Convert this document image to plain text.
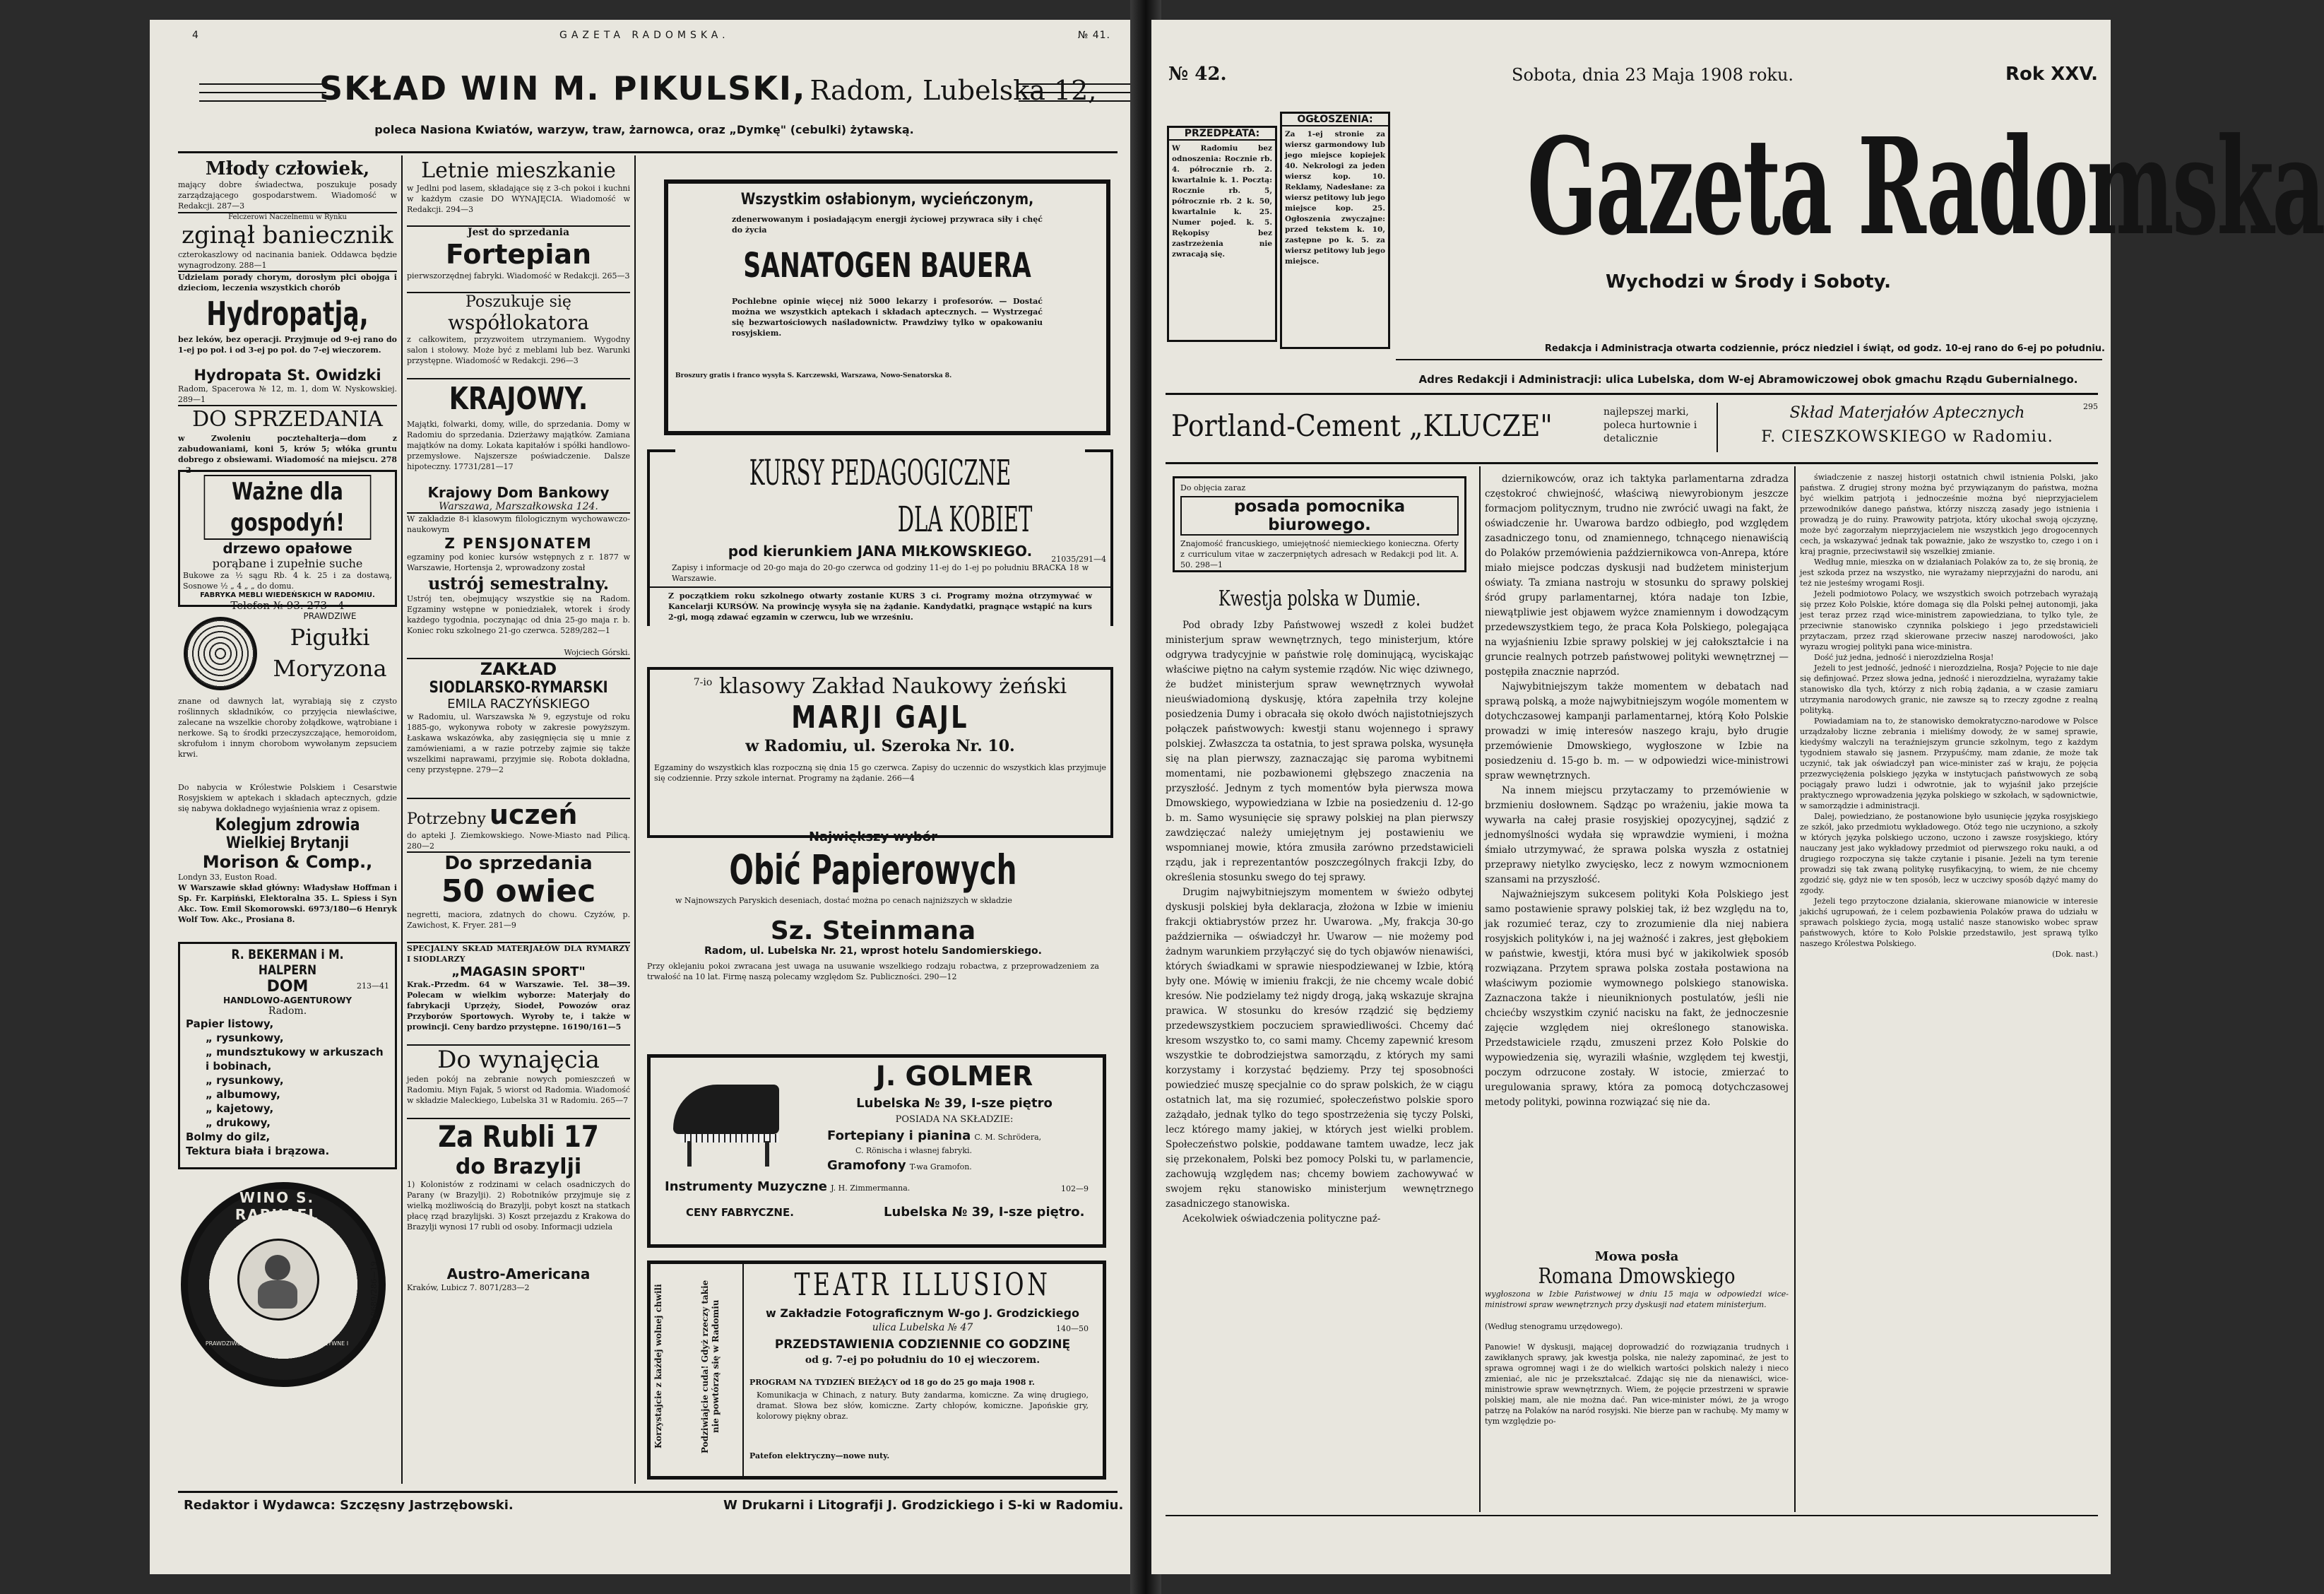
4	GAZETA RADOMSKA.	№ 41.
SKŁAD WIN M. PIKULSKI, Radom, Lubelska 12,
poleca Nasiona Kwiatów, warzyw, traw, żarnowca, oraz „Dymkę" (cebulki) żytawską.
Młody człowiek,
mający dobre świadectwa, poszukuje posady zarządzającego gospodarstwem. Wiadomość w Redakcji. 287—3
Felczerowi Naczelnemu w Rynku
zginął baniecznik
czterokaszlowy od nacinania baniek. Oddawca będzie wynagrodzony. 288—1
Udzielam porady chorym, dorosłym płci obojga i dzieciom, leczenia wszystkich chorób
Hydropatją,
bez leków, bez operacji. Przyjmuje od 9-ej rano do 1-ej po poł. i od 3-ej po poł. do 7-ej wieczorem.
Hydropata St. Owidzki
Radom, Spacerowa № 12, m. 1, dom W. Nyskowskiej. 289—1
DO SPRZEDANIA
w Zwoleniu pocztehalterja—dom z zabudowaniami, koni 5, krów 5; włóka gruntu dobrego z obsiewami. Wiadomość na miejscu. 278—2
Ważne dla gospodyń!
drzewo opałowe
porąbane i zupełnie suche
Bukowe za ½ sągu Rb. 4 k. 25 i za dostawą, Sosnowe ½ „ 4 „ „ do domu.
FABRYKA MEBLI WIEDEŃSKICH W RADOMIU.
Telefon № 93. 273—4
PRAWDZIWE
Pigułki
Moryzona
znane od dawnych lat, wyrabiają się z czysto roślinnych składników, co przyjęcia niewłaściwe, zalecane na wszelkie choroby żołądkowe, wątrobiane i nerkowe. Są to środki przeczyszczające, hemoroidom, skrofułom i innym chorobom wywołanym zepsuciem krwi.
Do nabycia w Królestwie Polskiem i Cesarstwie Rosyjskiem w aptekach i składach aptecznych, gdzie się nabywa dokładnego wyjaśnienia wraz z opisem.
Kolegjum zdrowia
Wielkiej Brytanji
Morison & Comp.,
Londyn 33, Euston Road.
W Warszawie skład główny: Władysław Hoffman i Sp. Fr. Karpiński, Elektoralna 35. L. Spiess i Syn Akc. Tow. Emil Skomorowski. 6973/180—6 Henryk Wolf Tow. Akc., Prosiana 8.
R. BEKERMAN i M. HALPERN
DOM
HANDLOWO-AGENTUROWY
Radom.
Papier listowy,
„ rysunkowy,
„ mundsztukowy w arkuszach i bobinach,
„ rysunkowy,
„ albumowy,
„ kajetowy,
„ drukowy,
Bolmy do gilz,
Tektura biała i brązowa.
213—41
WINO S. RAPHAEL
PRAWDZIWE · TYLKO Z TYM ANIOŁEM · POŻYWNE I WZMACNIAJĄCE
10689/286—19
Letnie mieszkanie
w Jedlni pod lasem, składające się z 3-ch pokoi i kuchni w każdym czasie DO WYNAJĘCIA. Wiadomość w Redakcji. 294—3
Jest do sprzedania
Fortepian
pierwszorzędnej fabryki. Wiadomość w Redakcji. 265—3
Poszukuje się
współlokatora
z całkowitem, przyzwoitem utrzymaniem. Wygodny salon i stołowy. Może być z meblami lub bez. Warunki przystępne. Wiadomość w Redakcji. 296—3
KRAJOWY.
Majątki, folwarki, domy, wille, do sprzedania. Domy w Radomiu do sprzedania. Dzierżawy majątków. Zamiana majątków na domy. Lokata kapitałów i spółki handlowo-przemysłowe. Najszersze poświadczenie. Dalsze hipoteczny. 17731/281—17
Krajowy Dom Bankowy
Warszawa, Marszałkowska 124.
W zakładzie 8-i klasowym filologicznym wychowawczo-naukowym
Z PENSJONATEM
egzaminy pod koniec kursów wstępnych z r. 1877 w Warszawie, Hortensja 2, wprowadzony został
ustrój semestralny.
Ustrój ten, obejmujący wszystkie się na Radom. Egzaminy wstępne w poniedziałek, wtorek i środy każdego tygodnia, poczynając od dnia 25-go maja r. b. Koniec roku szkolnego 21-go czerwca. 5289/282—1
Wojciech Górski.
ZAKŁAD
SIODLARSKO-RYMARSKI
EMILA RACZYŃSKIEGO
w Radomiu, ul. Warszawska № 9, egzystuje od roku 1885-go, wykonywa roboty w zakresie powyższym. Łaskawa wskazówka, aby zasięgnięcia się u mnie z zamówieniami, a w razie potrzeby zajmie się także wszelkimi naprawami, przyjmie się. Robota dokładna, ceny przystępne. 279—2
Potrzebny uczeń
do apteki J. Ziemkowskiego. Nowe-Miasto nad Pilicą. 280—2
Do sprzedania
50 owiec
negretti, maciora, zdatnych do chowu. Czyżów, p. Zawichost, K. Fryer. 281—9
SPECJALNY SKŁAD MATERJAŁÓW DLA RYMARZY I SIODLARZY
„MAGASIN SPORT"
Krak.-Przedm. 64 w Warszawie. Tel. 38—39. Polecam w wielkim wyborze: Materjały do fabrykacji Uprzęży, Siodeł, Powozów oraz Przyborów Sportowych. Wyroby te, i także w prowincji. Ceny bardzo przystępne. 16190/161—5
Do wynajęcia
jeden pokój na zebranie nowych pomieszczeń w Radomiu. Miyn Fajak, 5 wiorst od Radomia. Wiadomość w składzie Maleckiego, Lubelska 31 w Radomiu. 265—7
Za Rubli 17
do Brazylji
1) Kolonistów z rodzinami w celach osadniczych do Parany (w Brazylji). 2) Robotników przyjmuje się z wielką możliwością do Brazylji, pobyt koszt na statkach płacę rząd brazylijski. 3) Koszt przejazdu z Krakowa do Brazylji wynosi 17 rubli od osoby. Informacji udziela
Austro-Americana
Kraków, Lubicz 7. 8071/283—2
Wszystkim osłabionym, wycieńczonym,
zdenerwowanym i posiadającym energji życiowej przywraca siły i chęć do życia
SANATOGEN BAUERA
Pochlebne opinie więcej niż 5000 lekarzy i profesorów. — Dostać można we wszystkich aptekach i składach aptecznych. — Wystrzegać się bezwartościowych naśladownictw. Prawdziwy tylko w opakowaniu rosyjskiem.
Broszury gratis i franco wysyła S. Karczewski, Warszawa, Nowo-Senatorska 8.
KURSY PEDAGOGICZNE
DLA KOBIET
pod kierunkiem JANA MIŁKOWSKIEGO.	21035/291—4
Zapisy i informacje od 20-go maja do 20-go czerwca od godziny 11-ej do 1-ej po południu BRACKA 18 w Warszawie.
Z początkiem roku szkolnego otwarty zostanie KURS 3 ci. Programy można otrzymywać w Kancelarji KURSÓW. Na prowincję wysyła się na żądanie. Kandydatki, pragnące wstąpić na kurs 2-gi, mogą zdawać egzamin w czerwcu, lub we wrześniu.
$^{7-io}$ klasowy Zakład Naukowy żeński
MARJI GAJL
w Radomiu, ul. Szeroka Nr. 10.
Egzaminy do wszystkich klas rozpoczną się dnia 15 go czerwca. Zapisy do uczennic do wszystkich klas przyjmuje się codziennie. Przy szkole internat. Programy na żądanie. 266—4
Największy wybór
Obić Papierowych
w Najnowszych Paryskich deseniach, dostać można po cenach najniższych w składzie
Sz. Steinmana
Radom, ul. Lubelska Nr. 21, wprost hotelu Sandomierskiego.
Przy oklejaniu pokoi zwracana jest uwaga na usuwanie wszelkiego rodzaju robactwa, z przeprowadzeniem za trwałość na 10 lat. Firmę naszą polecamy względom Sz. Publiczności. 290—12
J. GOLMER
Lubelska № 39, I-sze piętro
POSIADA NA SKŁADZIE:
Fortepiany i pianina C. M. Schrödera,
C. Rönischa i własnej fabryki.
Gramofony T-wa Gramofon.
Instrumenty Muzyczne J. H. Zimmermanna.	102—9
CENY FABRYCZNE.	Lubelska № 39, I-sze piętro.
Korzystajcie z każdej wolnej chwili	Podziwiajcie cuda! Gdyż rzeczy takie nie powtórzą się w Radomiu
TEATR ILLUSION
w Zakładzie Fotograficznym W-go J. Grodzickiego
ulica Lubelska № 47	140—50
PRZEDSTAWIENIA CODZIENNIE CO GODZINĘ
od g. 7-ej po południu do 10 ej wieczorem.
PROGRAM NA TYDZIEŃ BIEŻĄCY od 18 go do 25 go maja 1908 r.
Komunikacja w Chinach, z natury. Buty żandarma, komiczne. Za winę drugiego, dramat. Słowa bez słów, komiczne. Zarty chłopów, komiczne. Japońskie gry, kolorowy piękny obraz.
Patefon elektryczny—nowe nuty.
Redaktor i Wydawca: Szczęsny Jastrzębowski.	W Drukarni i Litografji J. Grodzickiego i S-ki w Radomiu.
№ 42.	Sobota, dnia 23 Maja 1908 roku.	Rok XXV.
PRZEDPŁATA:
W Radomiu bez odnoszenia: Rocznie rb. 4. półrocznie rb. 2. kwartalnie k. 1. Pocztą: Rocznie rb. 5, półrocznie rb. 2 k. 50, kwartalnie k. 25. Numer pojed. k. 5. Rękopisy bez zastrzeżenia nie zwracają się.
OGŁOSZENIA:
Za 1-ej stronie za wiersz garmondowy lub jego miejsce kopiejek 40. Nekrologi za jeden wiersz kop. 10. Reklamy, Nadesłane: za wiersz petitowy lub jego miejsce kop. 25. Ogłoszenia zwyczajne: przed tekstem k. 10, zastępne po k. 5. za wiersz petitowy lub jego miejsce.	Gazeta Radomska
Wychodzi w Środy i Soboty.
Redakcja i Administracja otwarta codziennie, prócz niedziel i świąt, od godz. 10-ej rano do 6-ej po południu.
Adres Redakcji i Administracji: ulica Lubelska, dom W-ej Abramowiczowej obok gmachu Rządu Gubernialnego.
Portland-Cement „KLUCZE"	najlepszej marki, poleca hurtownie i detalicznie
Skład Materjałów Aptecznych
F. CIESZKOWSKIEGO w Radomiu.
295
Do objęcia zaraz
posada pomocnika biurowego.
Znajomość francuskiego, umiejętność niemieckiego konieczna. Oferty z curriculum vitae w zaczerpniętych adresach w Redakcji pod lit. A. 50. 298—1
Kwestja polska w Dumie.

Pod obrady Izby Państwowej wszedł z kolei budżet ministerjum spraw wewnętrznych, tego ministerjum, które odgrywa tradycyjnie w państwie rolę dominującą, wyciskając właściwe piętno na całym systemie rządów. Nic więc dziwnego, że budżet ministerjum spraw wewnętrznych wywołał nieuświadomioną dyskusję, która zapełniła trzy kolejne posiedzenia Dumy i obracała się około dwóch najistotniejszych połączek państwowych: kwestji stanu wojennego i sprawy polskiej. Zwłaszcza ta ostatnia, to jest sprawa polska, wysunęła się na plan pierwszy, zaznaczając się paroma wybitnemi momentami, nie pozbawionemi głębszego znaczenia na przyszłość. Jednym z tych momentów była pierwsza mowa Dmowskiego, wypowiedziana w Izbie na posiedzeniu d. 12-go b. m. Samo wysunięcie się sprawy polskiej na plan pierwszy zawdzięczać należy umiejętnym jej postawieniu we wspomnianej mowie, która zmusiła zarówno przedstawicieli rządu, jak i reprezentantów poszczególnych frakcji Izby, do określenia stosunku swego do tej sprawy.

Drugim najwybitniejszym momentem w świeżo odbytej dyskusji polskiej była deklaracja, złożona w Izbie w imieniu frakcji oktiabrystów przez hr. Uwarowa. „My, frakcja 30-go października — oświadczył hr. Uwarow — nie możemy pod żadnym warunkiem przyłączyć się do tych objawów nienawiści, których świadkami w sprawie niespodziewanej w Izbie, którą były one. Mówię w imieniu frakcji, że nie chcemy wcale dobić kresów. Nie podzielamy też nigdy drogą, jaką wskazuje skrajna prawica. W stosunku do kresów rządzić się będziemy przedewszystkiem poczuciem sprawiedliwości. Chcemy dać kresom wszystko to, co sami mamy. Chcemy zapewnić kresom wszystkie te dobrodziejstwa samorządu, z których my sami korzystamy i korzystać będziemy. Przy tej sposobności powiedzieć muszę specjalnie co do spraw polskich, że w ciągu ostatnich lat, ma się rozumieć, społeczeństwo polskie sporo zażądało, jednak tylko do tego spostrzeżenia się tyczy Polski, lecz którego mamy jakiej, w których jest wielki problem. Społeczeństwo polskie, poddawane tamtem uwadze, lecz jak się przekonałem, Polski bez pomocy Polski tu, w parlamencie, zachowują względem nas; chcemy bowiem zachowywać w swojem ręku stanowisko ministerjum wewnętrznego zasadniczego stanowiska.

Acekolwiek oświadczenia polityczne paź-

dziernikowców, oraz ich taktyka parlamentarna zdradza częstokroć chwiejność, właściwą niewyrobionym jeszcze formacjom politycznym, trudno nie zwrócić uwagi na fakt, że oświadczenie hr. Uwarowa bardzo odbiegło, pod względem zasadniczego tonu, od znamiennego, tchnącego nienawiścią do Polaków przemówienia październikowca von-Anrepa, które miało miejsce podczas dyskusji nad budżetem ministerjum oświaty. Ta zmiana nastroju w stosunku do sprawy polskiej śród grupy parlamentarnej, która nadaje ton Izbie, niewątpliwie jest objawem wyżce znamiennym i dowodzącym przedewszystkiem tego, że praca Koła Polskiego, polegająca na wyjaśnieniu Izbie sprawy polskiej w jej całokształcie i na gruncie realnych potrzeb państwowej polityki wewnętrznej — postępiła znacznie naprzód.

Najwybitniejszym także momentem w debatach nad sprawą polską, a może najwybitniejszym wogóle momentem w dotychczasowej kampanji parlamentarnej, którą Koło Polskie prowadzi w imię interesów naszego kraju, było drugie przemówienie Dmowskiego, wygłoszone w Izbie na posiedzeniu d. 15-go b. m. — w odpowiedzi wice-ministrowi spraw wewnętrznych.

Na innem miejscu przytaczamy to przemówienie w brzmieniu dosłownem. Sądząc po wrażeniu, jakie mowa ta wywarła na całej prasie rosyjskiej opozycyjnej, sądzić z jednomyślności wydała się wprawdzie wymieni, i można śmiało utrzymywać, że sprawa polska wyszła z ostatniej przeprawy nietylko zwycięsko, lecz z nowym wzmocnionem szansami na przyszłość.

Najważniejszym sukcesem polityki Koła Polskiego jest samo postawienie sprawy polskiej tak, iż bez względu na to, jak rozumieć teraz, czy to zrozumienie dla niej nabiera rosyjskich polityków i, na jej ważność i zakres, jest głębokiem w państwie, kwestji, która musi być w jakikolwiek sposób rozwiązana. Przytem sprawa polska została postawiona na właściwym poziomie wymownego polskiego stanowiska. Zaznaczona także i nieuniknionych postulatów, jeśli nie chciećby wszystkim czynić nacisku na fakt, że jednoczesnie zajęcie względem niej określonego stanowiska. Przedstawiciele rządu, zmuszeni przez Koło Polskie do wypowiedzenia się, wyrazili właśnie, względem tej kwestji, poczym odrzucone zostały. W istocie, zmierzać to uregulowania sprawy, która za pomocą dotychczasowej metody polityki, powinna rozwiązać się nie da.

Mowa posła
Romana Dmowskiego
wygłoszona w Izbie Państwowej w dniu 15 maja w odpowiedzi wice-ministrowi spraw wewnętrznych przy dyskusji nad etatem ministerjum.
(Według stenogramu urzędowego).
Panowie! W dyskusji, mającej doprowadzić do rozwiązania trudnych i zawikłanych sprawy, jak kwestja polska, nie należy zapominać, że jest to sprawa ogromnej wagi i że do wielkich wartości polskich należy i nieco zmieniać, ale nic je przekształcać. Zdając się nie da nienawiści, wice-ministrowie spraw wewnętrznych. Wiem, że pojęcie przestrzeni w sprawie polskiej mam, ale nie można dać. Pan wice-minister mówi, że ja wrogo patrzę na Polaków na naród rosyjski. Nie bierze pan w rachubę. My mamy w tym względzie po-
świadczenie z naszej historji ostatnich chwil istnienia Polski, jako państwa. Z drugiej strony można być przywiązanym do państwa, można być wielkim patrjotą i jednocześnie można być nieprzyjacielem przewodników danego państwa, którzy niszczą zasady jego istnienia i prowadzą je do ruiny. Prawowity patrjota, który ukochał swoją ojczyznę, może być zagorzałym nieprzyjacielem nie wszystkich jego drogocennych cech, ja wskazywać jednak tak poważnie, jako że wszystko to, czego i on i kraj pragnie, przeciwstawił się wszelkiej zmianie.
Według mnie, mieszka on w działaniach Polaków za to, że się bronią, że jest szkoda przez na wszystko, nie wyrażamy nieprzyjaźni do narodu, ani też nie jesteśmy wrogami Rosji.
Jeżeli podmiotowo Polacy, we wszystkich swoich potrzebach wyrażają się przez Koło Polskie, które domaga się dla Polski pełnej autonomji, jaka jest teraz przez rząd wice-ministrem zapowiedziana, to tylko tyle, że przeciwnie stanowisko czynnika polskiego i jego przedstawicieli przytaczam, przez rząd skierowane przeciw naszej narodowości, jako wyrazu wrogiej polityki pana wice-ministra.
Dość już jedna, jedność i nierozdzielna Rosja!
Jeżeli to jest jedność, jedność i nierozdzielna, Rosja? Pojęcie to nie daje się definjować. Przez słowa jedna, jedność i nierozdzielna, wyrażamy takie stanowisko dla tych, którzy z nich robią żądania, a w czasie zamiaru utrzymania narodowych granic, nie zawsze są to rzeczy zgodne z realną polityką.
Powiadamiam na to, że stanowisko demokratyczno-narodowe w Polsce urządzałoby liczne zebrania i mieliśmy dowody, że w samej sprawie, kiedyśmy walczyli na teraźniejszym gruncie szkolnym, tego z każdym tygodniem stawało się jasnem. Przypuśćmy, mam zdanie, że może tak uczynić, tak jak oświadczył pan wice-minister zaś w kraju, że pojęcia przezwyciężenia polskiego języka w instytucjach państwowych ze sobą pociągały prawo ludzi i odwrotnie, jak to wyjaśnił jako przejście praktycznego wprowadzenia języka polskiego w szkołach, w sądownictwie, w samorządzie i administracji.
Dalej, powiedziano, że postanowione było usunięcie języka rosyjskiego ze szkół, jako przedmiotu wykładowego. Otóż tego nie uczyniono, a szkoły w których języka polskiego uczono, uczono i zawsze rosyjskiego, który nauczany jest jako wykładowy przedmiot od pierwszego roku nauki, a od drugiego rozpoczyna się także czytanie i pisanie. Jeżeli na tym terenie prowadzi się tak zwaną politykę rusyfikacyjną, to wiem, że nie chcemy zgodzić się, gdyż nie w ten sposób, lecz w uczciwy sposób dążyć mamy do zgody.
Jeżeli tego przytoczone działania, skierowane mianowicie w interesie jakichś ugrupowań, że i celem pozbawienia Polaków prawa do udziału w sprawach polskiego życia, mogą ustalić nasze stanowisko wobec spraw państwowych, które to Koło Polskie przedstawiło, jest sprawą tylko naszego Królestwa Polskiego.
(Dok. nast.)
